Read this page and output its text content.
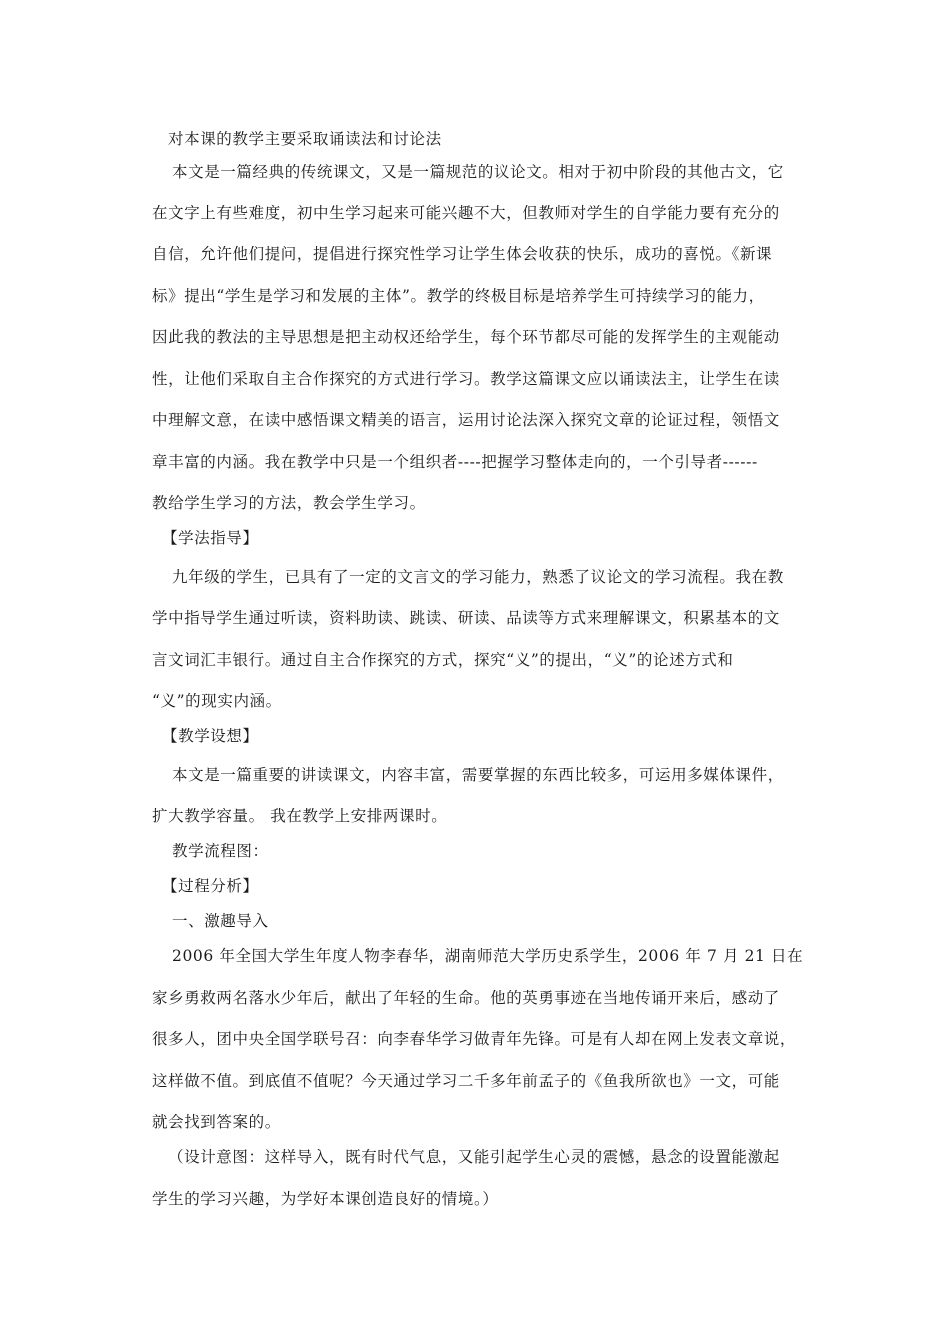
对本课的教学主要采取诵读法和讨论法
本文是一篇经典的传统课文，又是一篇规范的议论文。相对于初中阶段的其他古文，它
在文字上有些难度，初中生学习起来可能兴趣不大，但教师对学生的自学能力要有充分的
自信，允许他们提问，提倡进行探究性学习让学生体会收获的快乐，成功的喜悦。《新课
标》提出“学生是学习和发展的主体”。教学的终极目标是培养学生可持续学习的能力，
因此我的教法的主导思想是把主动权还给学生，每个环节都尽可能的发挥学生的主观能动
性，让他们采取自主合作探究的方式进行学习。教学这篇课文应以诵读法主，让学生在读
中理解文意，在读中感悟课文精美的语言，运用讨论法深入探究文章的论证过程，领悟文
章丰富的内涵。我在教学中只是一个组织者----把握学习整体走向的，一个引导者------
教给学生学习的方法，教会学生学习。
【学法指导】
九年级的学生，已具有了一定的文言文的学习能力，熟悉了议论文的学习流程。我在教
学中指导学生通过听读，资料助读、跳读、研读、品读等方式来理解课文，积累基本的文
言文词汇丰银行。通过自主合作探究的方式，探究“义”的提出，“义”的论述方式和
“义”的现实内涵。
【教学设想】
本文是一篇重要的讲读课文，内容丰富，需要掌握的东西比较多，可运用多媒体课件，
扩大教学容量。 我在教学上安排两课时。
教学流程图：
【过程分析】
一、激趣导入
2006 年全国大学生年度人物李春华，湖南师范大学历史系学生，2006 年 7 月 21 日在
家乡勇救两名落水少年后，献出了年轻的生命。他的英勇事迹在当地传诵开来后，感动了
很多人，团中央全国学联号召：向李春华学习做青年先锋。可是有人却在网上发表文章说，
这样做不值。到底值不值呢？今天通过学习二千多年前孟子的《鱼我所欲也》一文，可能
就会找到答案的。
（设计意图：这样导入，既有时代气息，又能引起学生心灵的震憾，悬念的设置能激起
学生的学习兴趣，为学好本课创造良好的情境。）
